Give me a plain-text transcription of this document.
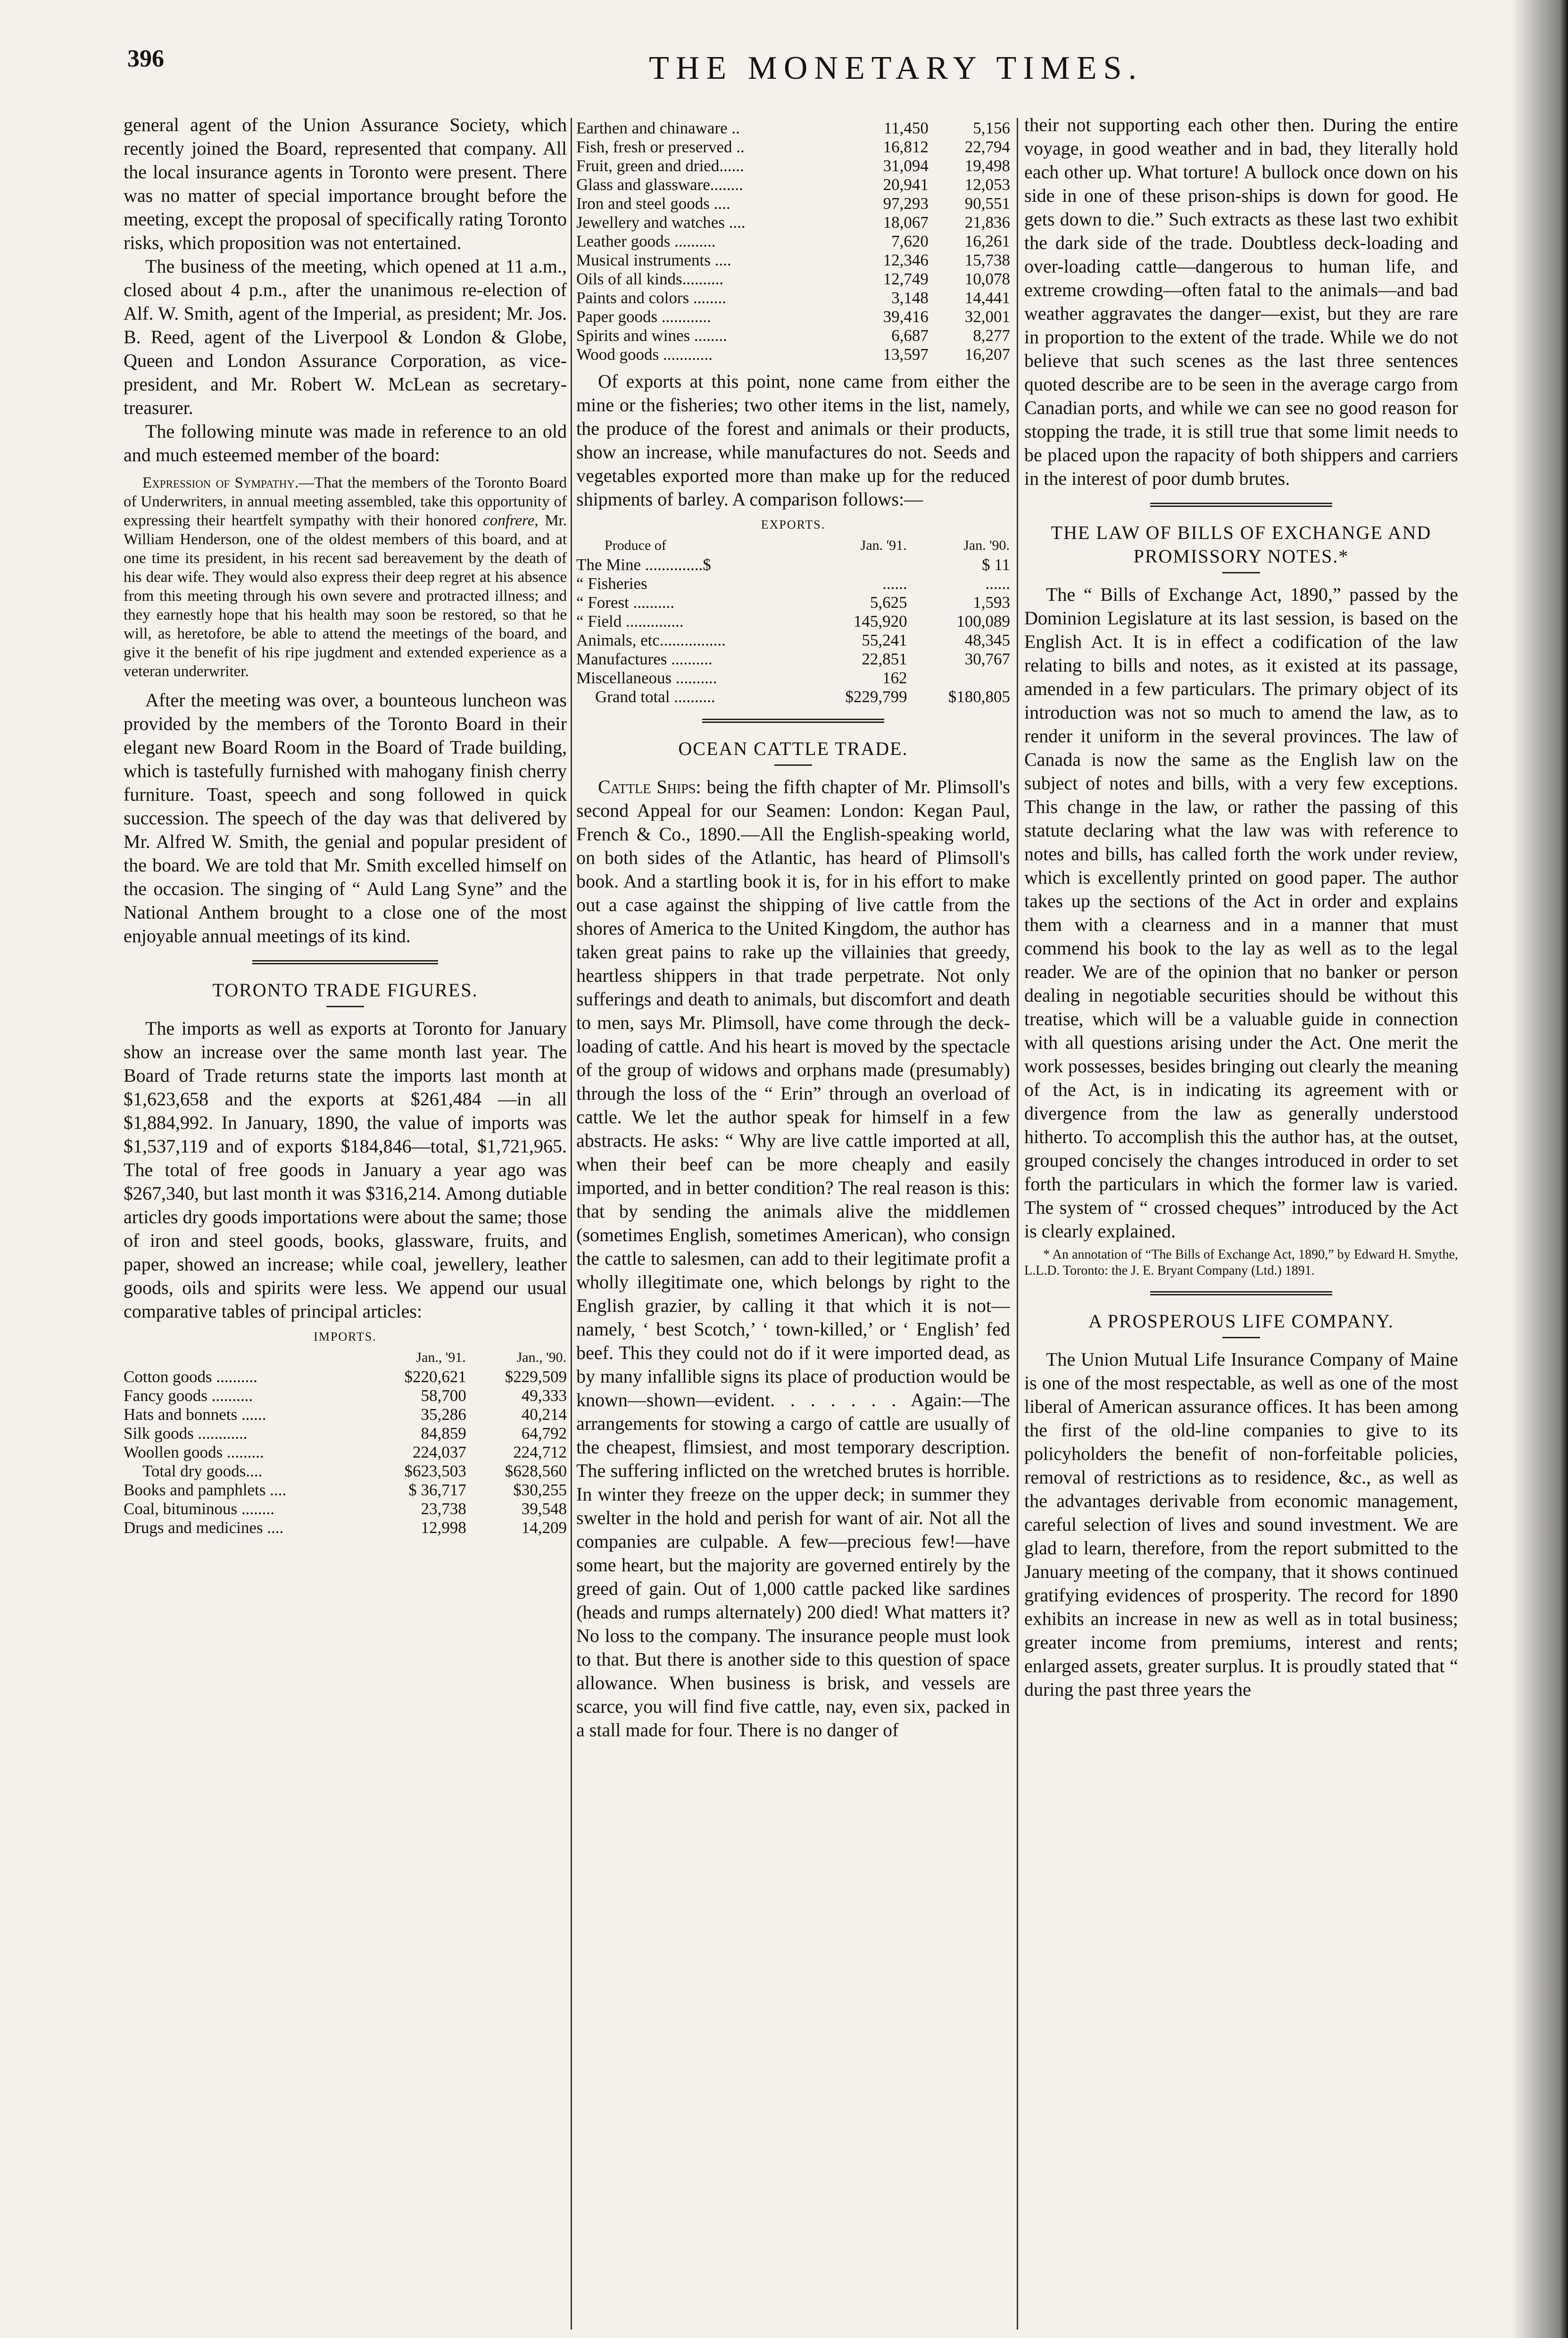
396	THE MONETARY TIMES.

general agent of the Union Assurance Society, which recently joined the Board, represented that company. All the local insurance agents in Toronto were present. There was no matter of special importance brought before the meeting, except the proposal of specifically rating Toronto risks, which proposition was not entertained.

The business of the meeting, which opened at 11 a.m., closed about 4 p.m., after the unanimous re-election of Alf. W. Smith, agent of the Imperial, as president; Mr. Jos. B. Reed, agent of the Liverpool & London & Globe, Queen and London Assurance Corporation, as vice-president, and Mr. Robert W. McLean as secretary-treasurer.

The following minute was made in reference to an old and much esteemed member of the board:

Expression of Sympathy.—That the members of the Toronto Board of Underwriters, in annual meeting assembled, take this opportunity of expressing their heartfelt sympathy with their honored confrere, Mr. William Henderson, one of the oldest members of this board, and at one time its president, in his recent sad bereavement by the death of his dear wife. They would also express their deep regret at his absence from this meeting through his own severe and protracted illness; and they earnestly hope that his health may soon be restored, so that he will, as heretofore, be able to attend the meetings of the board, and give it the benefit of his ripe jugdment and extended experience as a veteran underwriter.

After the meeting was over, a bounteous luncheon was provided by the members of the Toronto Board in their elegant new Board Room in the Board of Trade building, which is tastefully furnished with mahogany finish cherry furniture. Toast, speech and song followed in quick succession. The speech of the day was that delivered by Mr. Alfred W. Smith, the genial and popular president of the board. We are told that Mr. Smith excelled himself on the occasion. The singing of “ Auld Lang Syne” and the National Anthem brought to a close one of the most enjoyable annual meetings of its kind.

TORONTO TRADE FIGURES.

The imports as well as exports at Toronto for January show an increase over the same month last year. The Board of Trade returns state the imports last month at $1,623,658 and the exports at $261,484 —in all $1,884,992. In January, 1890, the value of imports was $1,537,119 and of exports $184,846—total, $1,721,965. The total of free goods in January a year ago was $267,340, but last month it was $316,214. Among dutiable articles dry goods importations were about the same; those of iron and steel goods, books, glassware, fruits, and paper, showed an increase; while coal, jewellery, leather goods, oils and spirits were less. We append our usual comparative tables of principal articles:

IMPORTS.
	Jan., '91.	Jan., '90.
Cotton goods ..........	$220,621	$229,509
Fancy goods ..........	58,700	49,333
Hats and bonnets ......	35,286	40,214
Silk goods ............	84,859	64,792
Woollen goods .........	224,037	224,712
Total dry goods....	$623,503	$628,560
Books and pamphlets ....	$ 36,717	$30,255
Coal, bituminous ........	23,738	39,548
Drugs and medicines ....	12,998	14,209
Earthen and chinaware ..	11,450	5,156
Fish, fresh or preserved ..	16,812	22,794
Fruit, green and dried......	31,094	19,498
Glass and glassware........	20,941	12,053
Iron and steel goods ....	97,293	90,551
Jewellery and watches ....	18,067	21,836
Leather goods ..........	7,620	16,261
Musical instruments ....	12,346	15,738
Oils of all kinds..........	12,749	10,078
Paints and colors ........	3,148	14,441
Paper goods ............	39,416	32,001
Spirits and wines ........	6,687	8,277
Wood goods ............	13,597	16,207

Of exports at this point, none came from either the mine or the fisheries; two other items in the list, namely, the produce of the forest and animals or their products, show an increase, while manufactures do not. Seeds and vegetables exported more than make up for the reduced shipments of barley. A comparison follows:—

EXPORTS.
Produce of	Jan. '91.	Jan. '90.
The Mine ..............$		$ 11
“ Fisheries	......	......
“ Forest ..........	5,625	1,593
“ Field ..............	145,920	100,089
Animals, etc................	55,241	48,345
Manufactures ..........	22,851	30,767
Miscellaneous ..........	162	
Grand total ..........	$229,799	$180,805
OCEAN CATTLE TRADE.

Cattle Ships: being the fifth chapter of Mr. Plimsoll's second Appeal for our Seamen: London: Kegan Paul, French & Co., 1890.—All the English-speaking world, on both sides of the Atlantic, has heard of Plimsoll's book. And a startling book it is, for in his effort to make out a case against the shipping of live cattle from the shores of America to the United Kingdom, the author has taken great pains to rake up the villainies that greedy, heartless shippers in that trade perpetrate. Not only sufferings and death to animals, but discomfort and death to men, says Mr. Plimsoll, have come through the deck-loading of cattle. And his heart is moved by the spectacle of the group of widows and orphans made (presumably) through the loss of the “ Erin” through an overload of cattle. We let the author speak for himself in a few abstracts. He asks: “ Why are live cattle imported at all, when their beef can be more cheaply and easily imported, and in better condition? The real reason is this: that by sending the animals alive the middlemen (sometimes English, sometimes American), who consign the cattle to salesmen, can add to their legitimate profit a wholly illegitimate one, which belongs by right to the English grazier, by calling it that which it is not—namely, ‘ best Scotch,’ ‘ town-killed,’ or ‘ English’ fed beef. This they could not do if it were imported dead, as by many infallible signs its place of production would be known—shown—evident. . . . . . . Again:—The arrangements for stowing a cargo of cattle are usually of the cheapest, flimsiest, and most temporary description. The suffering inflicted on the wretched brutes is horrible. In winter they freeze on the upper deck; in summer they swelter in the hold and perish for want of air. Not all the companies are culpable. A few—precious few!—have some heart, but the majority are governed entirely by the greed of gain. Out of 1,000 cattle packed like sardines (heads and rumps alternately) 200 died! What matters it? No loss to the company. The insurance people must look to that. But there is another side to this question of space allowance. When business is brisk, and vessels are scarce, you will find five cattle, nay, even six, packed in a stall made for four. There is no danger of

their not supporting each other then. During the entire voyage, in good weather and in bad, they literally hold each other up. What torture! A bullock once down on his side in one of these prison-ships is down for good. He gets down to die.” Such extracts as these last two exhibit the dark side of the trade. Doubtless deck-loading and over-loading cattle—dangerous to human life, and extreme crowding—often fatal to the animals—and bad weather aggravates the danger—exist, but they are rare in proportion to the extent of the trade. While we do not believe that such scenes as the last three sentences quoted describe are to be seen in the average cargo from Canadian ports, and while we can see no good reason for stopping the trade, it is still true that some limit needs to be placed upon the rapacity of both shippers and carriers in the interest of poor dumb brutes.

THE LAW OF BILLS OF EXCHANGE AND PROMISSORY NOTES.*

The “ Bills of Exchange Act, 1890,” passed by the Dominion Legislature at its last session, is based on the English Act. It is in effect a codification of the law relating to bills and notes, as it existed at its passage, amended in a few particulars. The primary object of its introduction was not so much to amend the law, as to render it uniform in the several provinces. The law of Canada is now the same as the English law on the subject of notes and bills, with a very few exceptions. This change in the law, or rather the passing of this statute declaring what the law was with reference to notes and bills, has called forth the work under review, which is excellently printed on good paper. The author takes up the sections of the Act in order and explains them with a clearness and in a manner that must commend his book to the lay as well as to the legal reader. We are of the opinion that no banker or person dealing in negotiable securities should be without this treatise, which will be a valuable guide in connection with all questions arising under the Act. One merit the work possesses, besides bringing out clearly the meaning of the Act, is in indicating its agreement with or divergence from the law as generally understood hitherto. To accomplish this the author has, at the outset, grouped concisely the changes introduced in order to set forth the particulars in which the former law is varied. The system of “ crossed cheques” introduced by the Act is clearly explained.

* An annotation of “The Bills of Exchange Act, 1890,” by Edward H. Smythe, L.L.D. Toronto: the J. E. Bryant Company (Ltd.) 1891.

A PROSPEROUS LIFE COMPANY.

The Union Mutual Life Insurance Company of Maine is one of the most respectable, as well as one of the most liberal of American assurance offices. It has been among the first of the old-line companies to give to its policyholders the benefit of non-forfeitable policies, removal of restrictions as to residence, &c., as well as the advantages derivable from economic management, careful selection of lives and sound investment. We are glad to learn, therefore, from the report submitted to the January meeting of the company, that it shows continued gratifying evidences of prosperity. The record for 1890 exhibits an increase in new as well as in total business; greater income from premiums, interest and rents; enlarged assets, greater surplus. It is proudly stated that “ during the past three years the
